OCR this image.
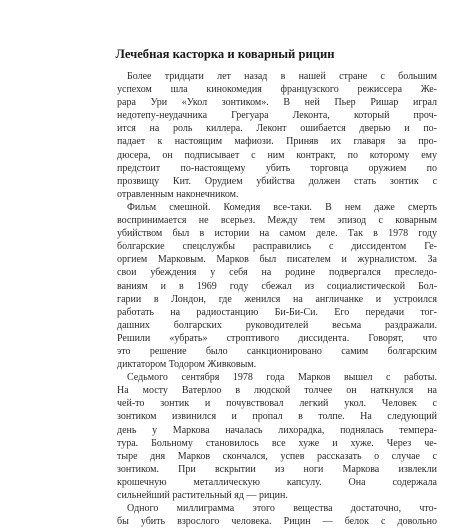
Лечебная касторка и коварный рицин
Более тридцати лет назад в нашей стране с большим
успехом шла кинокомедия французского режиссера Же-
рара Ури «Укол зонтиком». В ней Пьер Ришар играл
недотепу-неудачника Грегуара Леконта, который проч-
ится на роль киллера. Леконт ошибается дверью и по-
падает к настоящим мафиози. Приняв их главаря за про-
дюсера, он подписывает с ним контракт, по которому ему
предстоит по-настоящему убить торговца оружием по
прозвищу Кит. Орудием убийства должен стать зонтик с
отравленным наконечником.
Фильм смешной. Комедия все-таки. В нем даже смерть
воспринимается не всерьез. Между тем эпизод с коварным
убийством был в истории на самом деле. Так в 1978 году
болгарские спецслужбы расправились с диссидентом Ге-
оргием Марковым. Марков был писателем и журналистом. За
свои убеждения у себя на родине подвергался преследо-
ваниям и в 1969 году сбежал из социалистической Бол-
гарии в Лондон, где женился на англичанке и устроился
работать на радиостанцию Би-Би-Си. Его передачи тог-
дашних болгарских руководителей весьма раздражали.
Решили «убрать» строптивого диссидента. Говорят, что
это решение было санкционировано самим болгарским
диктатором Тодором Живковым.
Седьмого сентября 1978 года Марков вышел с работы.
На мосту Ватерлоо в людской толчее он наткнулся на
чей-то зонтик и почувствовал легкий укол. Человек с
зонтиком извинился и пропал в толпе. На следующий
день у Маркова началась лихорадка, поднялась темпера-
тура. Больному становилось все хуже и хуже. Через че-
тыре дня Марков скончался, успев рассказать о случае с
зонтиком. При вскрытии из ноги Маркова извлекли
крошечную металлическую капсулу. Она содержала
сильнейший растительный яд — рицин.
Одного миллиграмма этого вещества достаточно, что-
бы убить взрослого человека. Рицин — белок с довольно
